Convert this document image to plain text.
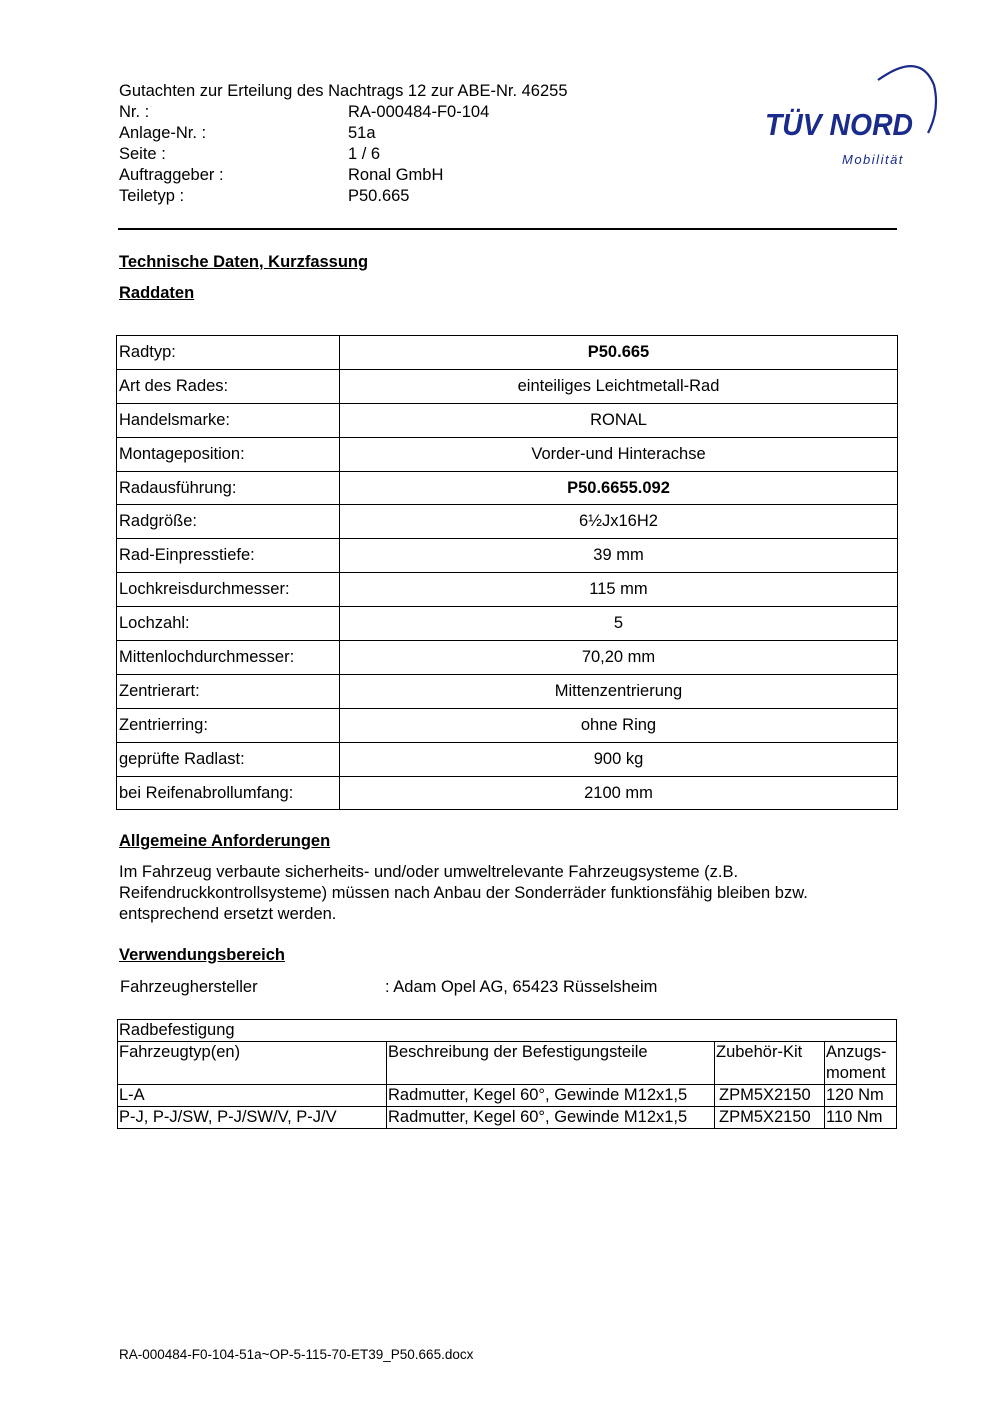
Gutachten zur Erteilung des Nachtrags 12 zur ABE-Nr. 46255
Nr. :	RA-000484-F0-104
Anlage-Nr. :	51a
Seite :	1 / 6
Auftraggeber :	Ronal GmbH
Teiletyp :	P50.665
TÜV NORD
Mobilität
Technische Daten, Kurzfassung
Raddaten
Radtyp:	P50.665
Art des Rades:	einteiliges Leichtmetall-Rad
Handelsmarke:	RONAL
Montageposition:	Vorder-und Hinterachse
Radausführung:	P50.6655.092
Radgröße:	6½Jx16H2
Rad-Einpresstiefe:	39 mm
Lochkreisdurchmesser:	115 mm
Lochzahl:	5
Mittenlochdurchmesser:	70,20 mm
Zentrierart:	Mittenzentrierung
Zentrierring:	ohne Ring
geprüfte Radlast:	900 kg
bei Reifenabrollumfang:	2100 mm
Allgemeine Anforderungen
Im Fahrzeug verbaute sicherheits- und/oder umweltrelevante Fahrzeugsysteme (z.B. Reifendruckkontrollsysteme) müssen nach Anbau der Sonderräder funktionsfähig bleiben bzw. entsprechend ersetzt werden.
Verwendungsbereich
Fahrzeughersteller	: Adam Opel AG, 65423 Rüsselsheim
Radbefestigung			
Fahrzeugtyp(en)	Beschreibung der Befestigungsteile	Zubehör-Kit	Anzugs-moment
L-A	Radmutter, Kegel 60°, Gewinde M12x1,5	ZPM5X2150	120 Nm
P-J, P-J/SW, P-J/SW/V, P-J/V	Radmutter, Kegel 60°, Gewinde M12x1,5	ZPM5X2150	110 Nm
RA-000484-F0-104-51a~OP-5-115-70-ET39_P50.665.docx
